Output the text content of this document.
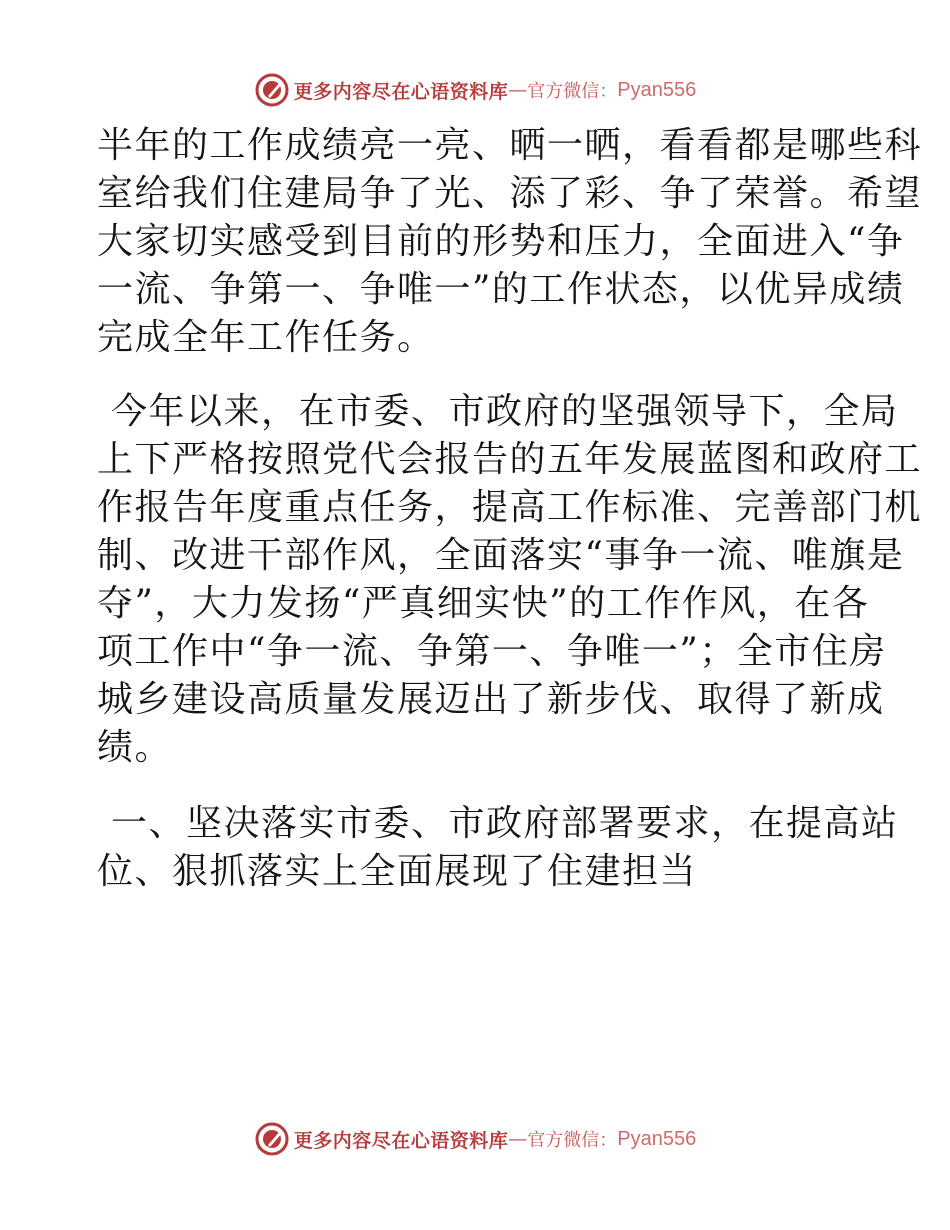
更多内容尽在心语资料库 — 官方微信： Pyan556

半年的工作成绩亮一亮、晒一晒，看看都是哪些科
室给我们住建局争了光、添了彩、争了荣誉。希望
大家切实感受到目前的形势和压力，全面进入“争
一流、争第一、争唯一”的工作状态，以优异成绩
完成全年工作任务。

今年以来，在市委、市政府的坚强领导下，全局
上下严格按照党代会报告的五年发展蓝图和政府工
作报告年度重点任务，提高工作标准、完善部门机
制、改进干部作风，全面落实“事争一流、唯旗是
夺”，大力发扬“严真细实快”的工作作风，在各
项工作中“争一流、争第一、争唯一”；全市住房
城乡建设高质量发展迈出了新步伐、取得了新成
绩。

一、坚决落实市委、市政府部署要求，在提高站
位、狠抓落实上全面展现了住建担当

更多内容尽在心语资料库 — 官方微信： Pyan556
